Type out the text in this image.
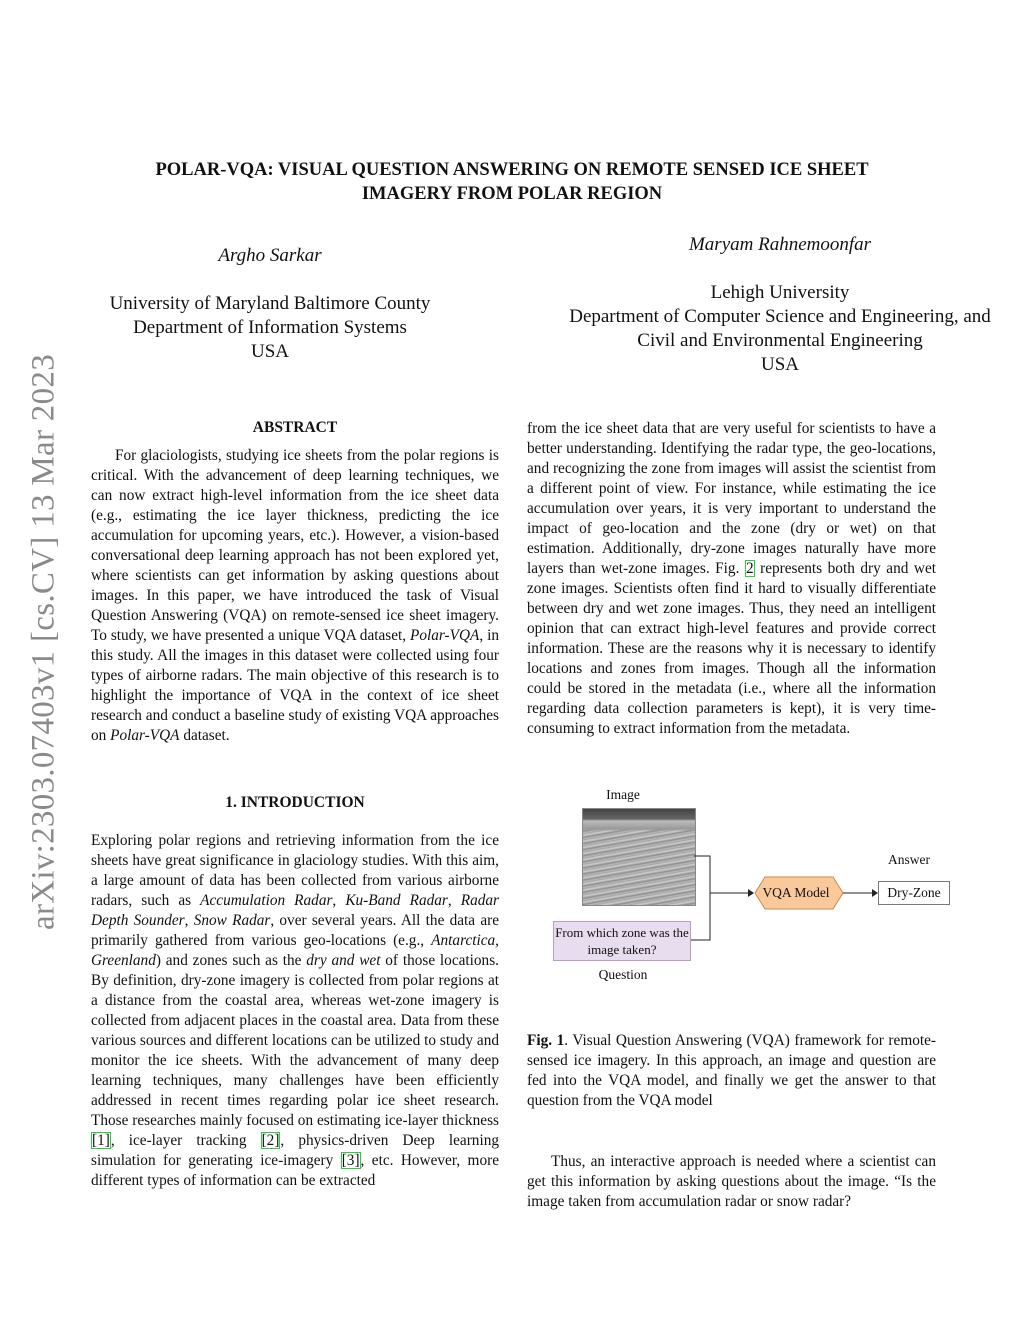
arXiv:2303.07403v1 [cs.CV] 13 Mar 2023
POLAR-VQA: VISUAL QUESTION ANSWERING ON REMOTE SENSED ICE SHEET
IMAGERY FROM POLAR REGION
Argho Sarkar
University of Maryland Baltimore County
Department of Information Systems
USA
Maryam Rahnemoonfar
Lehigh University
Department of Computer Science and Engineering, and
Civil and Environmental Engineering
USA
ABSTRACT

For glaciologists, studying ice sheets from the polar regions is critical. With the advancement of deep learning techniques, we can now extract high-level information from the ice sheet data (e.g., estimating the ice layer thickness, predicting the ice accumulation for upcoming years, etc.). However, a vision-based conversational deep learning approach has not been explored yet, where scientists can get information by asking questions about images. In this paper, we have introduced the task of Visual Question Answering (VQA) on remote-sensed ice sheet imagery. To study, we have presented a unique VQA dataset, Polar-VQA, in this study. All the images in this dataset were collected using four types of airborne radars. The main objective of this research is to highlight the importance of VQA in the context of ice sheet research and conduct a baseline study of existing VQA approaches on Polar-VQA dataset.

1. INTRODUCTION

Exploring polar regions and retrieving information from the ice sheets have great significance in glaciology studies. With this aim, a large amount of data has been collected from various airborne radars, such as Accumulation Radar, Ku-Band Radar, Radar Depth Sounder, Snow Radar, over several years. All the data are primarily gathered from various geo-locations (e.g., Antarctica, Greenland) and zones such as the dry and wet of those locations. By definition, dry-zone imagery is collected from polar regions at a distance from the coastal area, whereas wet-zone imagery is collected from adjacent places in the coastal area. Data from these various sources and different locations can be utilized to study and monitor the ice sheets. With the advancement of many deep learning techniques, many challenges have been efficiently addressed in recent times regarding polar ice sheet research. Those researches mainly focused on estimating ice-layer thickness [1], ice-layer tracking [2], physics-driven Deep learning simulation for generating ice-imagery [3], etc. However, more different types of information can be extracted

from the ice sheet data that are very useful for scientists to have a better understanding. Identifying the radar type, the geo-locations, and recognizing the zone from images will assist the scientist from a different point of view. For instance, while estimating the ice accumulation over years, it is very important to understand the impact of geo-location and the zone (dry or wet) on that estimation. Additionally, dry-zone images naturally have more layers than wet-zone images. Fig. 2 represents both dry and wet zone images. Scientists often find it hard to visually differentiate between dry and wet zone images. Thus, they need an intelligent opinion that can extract high-level features and provide correct information. These are the reasons why it is necessary to identify locations and zones from images. Though all the information could be stored in the metadata (i.e., where all the information regarding data collection parameters is kept), it is very time-consuming to extract information from the metadata.

Image
VQA Model
Answer
Dry-Zone
From which zone was the image taken?
Question
Fig. 1. Visual Question Answering (VQA) framework for remote-sensed ice imagery. In this approach, an image and question are fed into the VQA model, and finally we get the answer to that question from the VQA model

Thus, an interactive approach is needed where a scientist can get this information by asking questions about the image. “Is the image taken from accumulation radar or snow radar?
